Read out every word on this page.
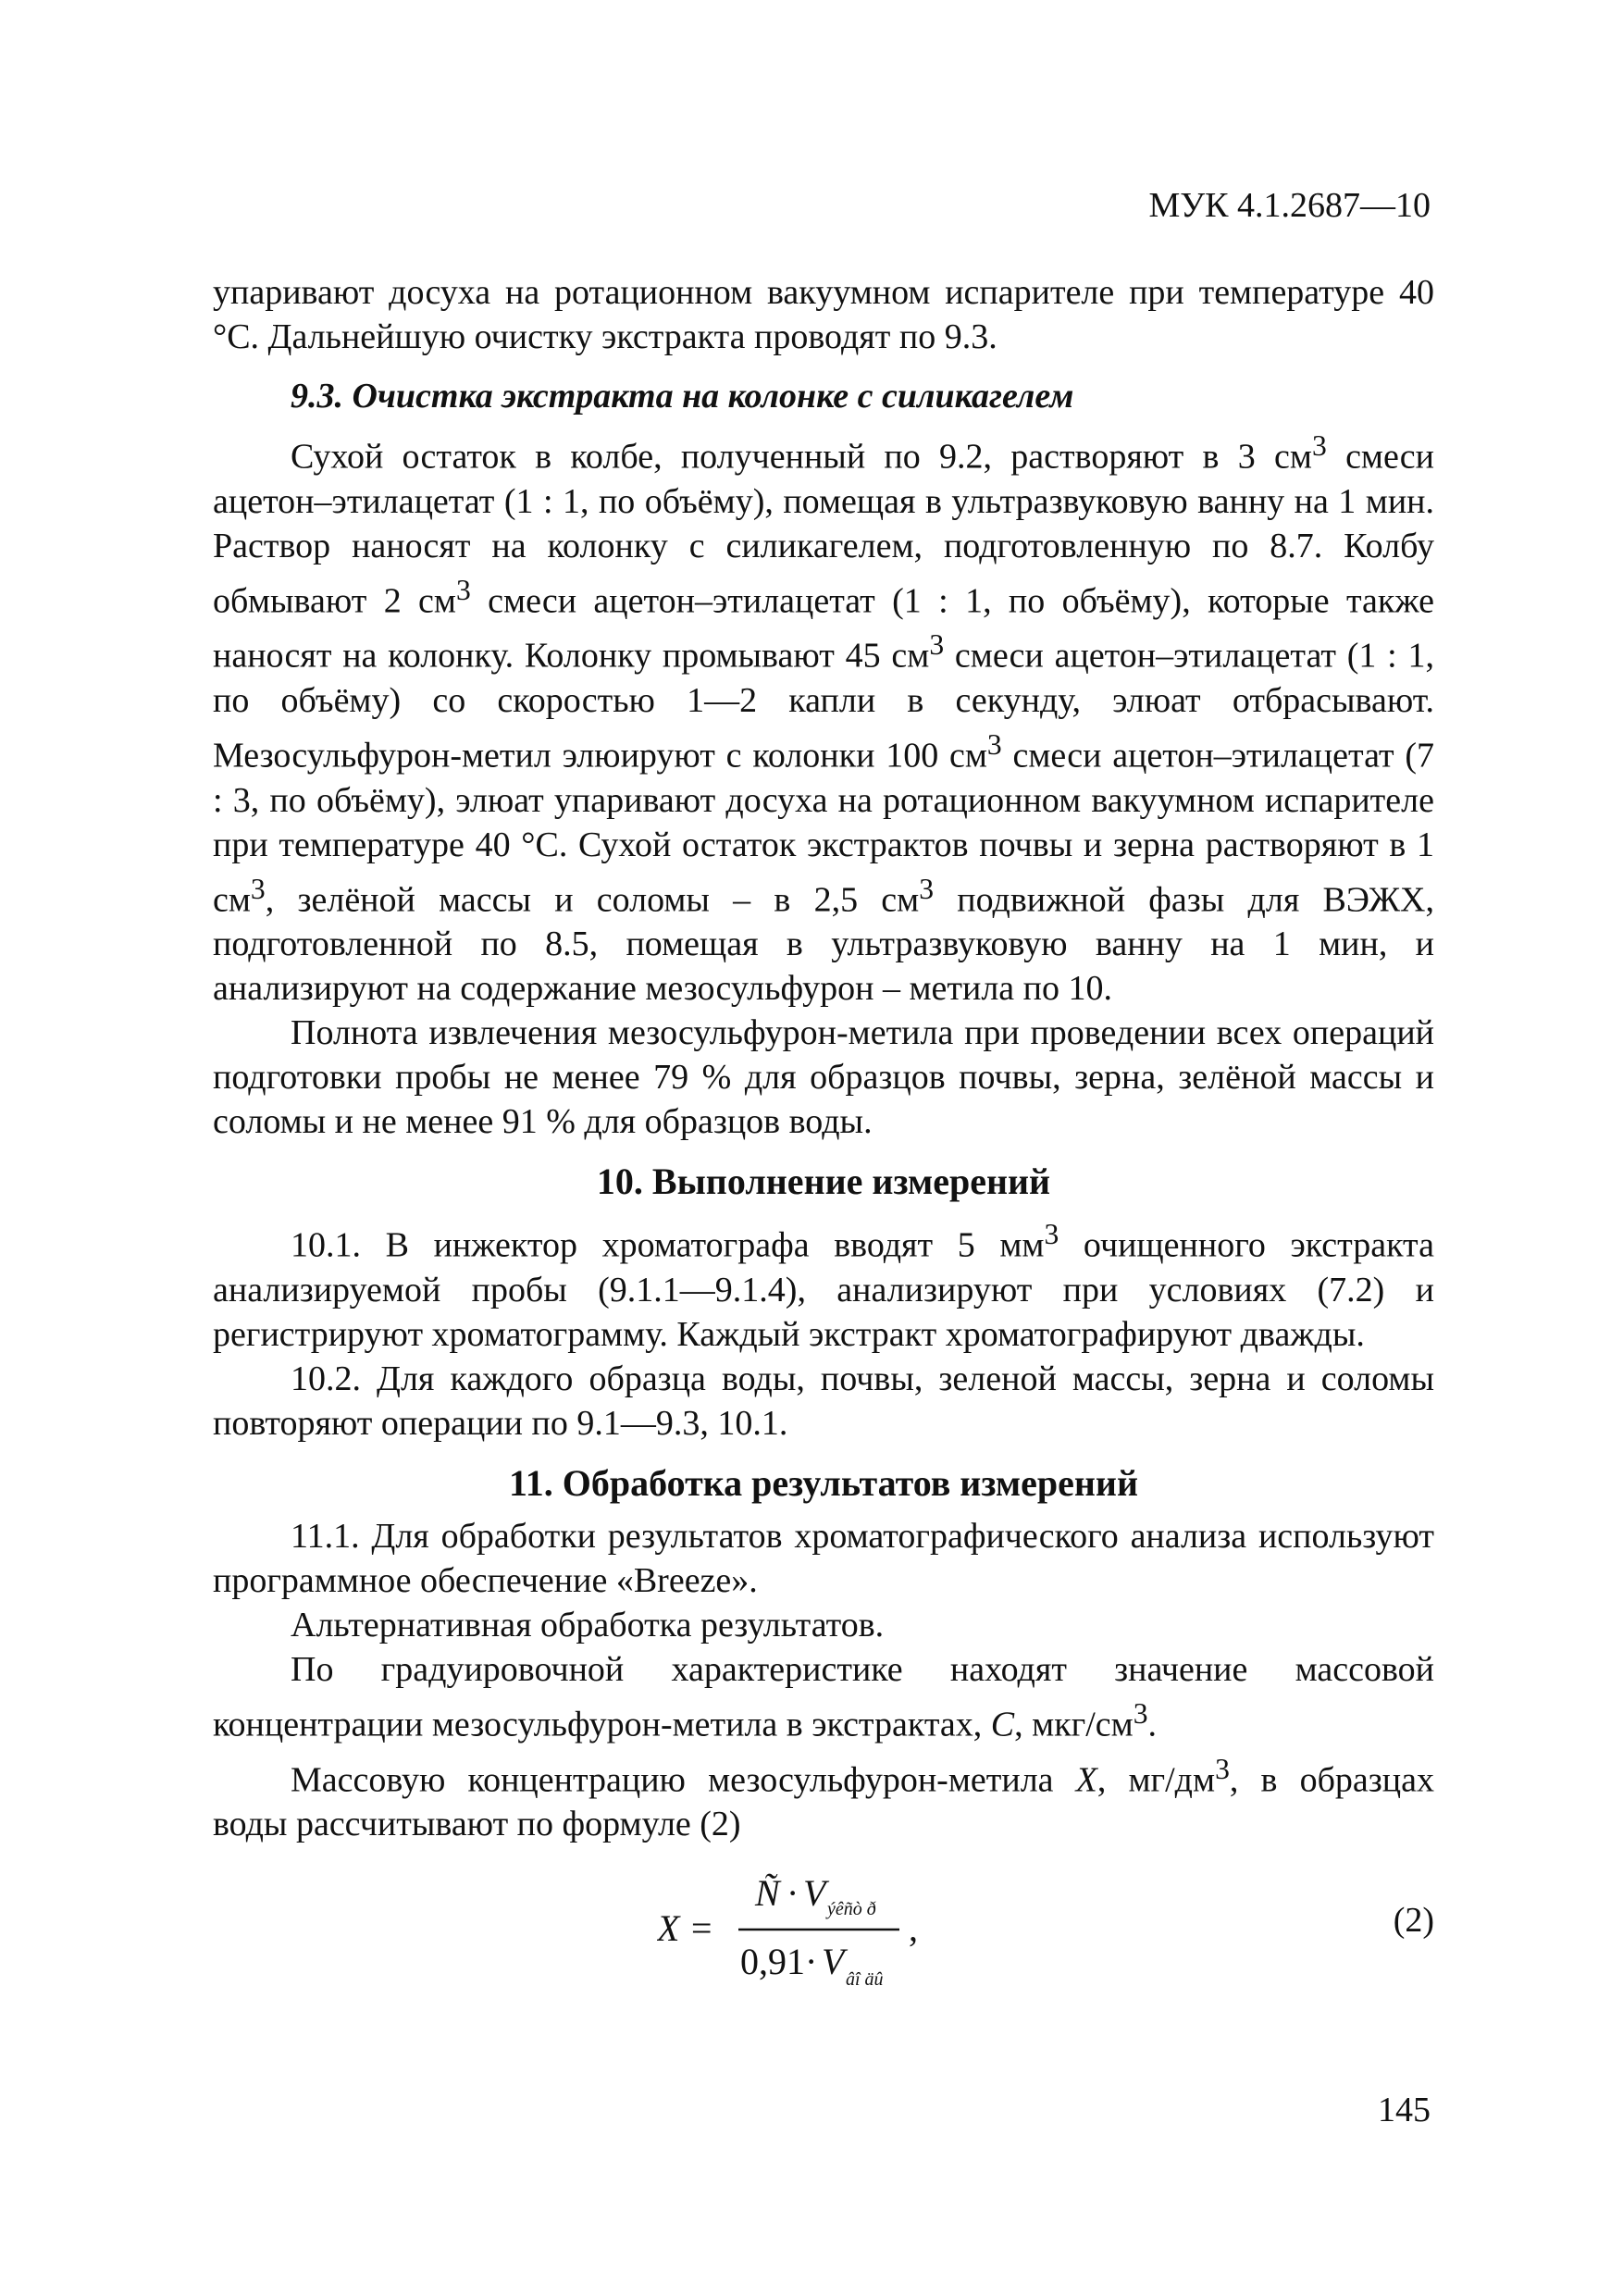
МУК 4.1.2687—10

упаривают досуха на ротационном вакуумном испарителе при температуре 40 °С. Дальнейшую очистку экстракта проводят по 9.3.

9.3. Очистка экстракта на колонке с силикагелем

Сухой остаток в колбе, полученный по 9.2, растворяют в 3 $см^3$ смеси ацетон–этилацетат (1 : 1, по объёму), помещая в ультразвуковую ванну на 1 мин. Раствор наносят на колонку с силикагелем, подготовленную по 8.7. Колбу обмывают 2 $см^3$ смеси ацетон–этилацетат (1 : 1, по объёму), которые также наносят на колонку. Колонку промывают 45 $см^3$ смеси ацетон–этилацетат (1 : 1, по объёму) со скоростью 1—2 капли в секунду, элюат отбрасывают. Мезосульфурон-метил элюируют с колонки 100 $см^3$ смеси ацетон–этилацетат (7 : 3, по объёму), элюат упаривают досуха на ротационном вакуумном испарителе при температуре 40 °С. Сухой остаток экстрактов почвы и зерна растворяют в 1 $см^3$, зелёной массы и соломы – в 2,5 $см^3$ подвижной фазы для ВЭЖХ, подготовленной по 8.5, помещая в ультразвуковую ванну на 1 мин, и анализируют на содержание мезосульфурон – метила по 10.

Полнота извлечения мезосульфурон-метила при проведении всех операций подготовки пробы не менее 79 % для образцов почвы, зерна, зелёной массы и соломы и не менее 91 % для образцов воды.

10. Выполнение измерений

10.1. В инжектор хроматографа вводят 5 $мм^3$ очищенного экстракта анализируемой пробы (9.1.1—9.1.4), анализируют при условиях (7.2) и регистрируют хроматограмму. Каждый экстракт хроматографируют дважды.

10.2. Для каждого образца воды, почвы, зеленой массы, зерна и соломы повторяют операции по 9.1—9.3, 10.1.

11. Обработка результатов измерений

11.1. Для обработки результатов хроматографического анализа используют программное обеспечение «Breeze».

Альтернативная обработка результатов.

По градуировочной характеристике находят значение массовой концентрации мезосульфурон-метила в экстрактах, С, мкг/$см^3$.

Массовую концентрацию мезосульфурон-метила X, $мг/дм^3$, в образцах воды рассчитывают по формуле (2)

X =
Ñ · V ýêñò ð ,
0,91 · V âî äû
(2)
145
